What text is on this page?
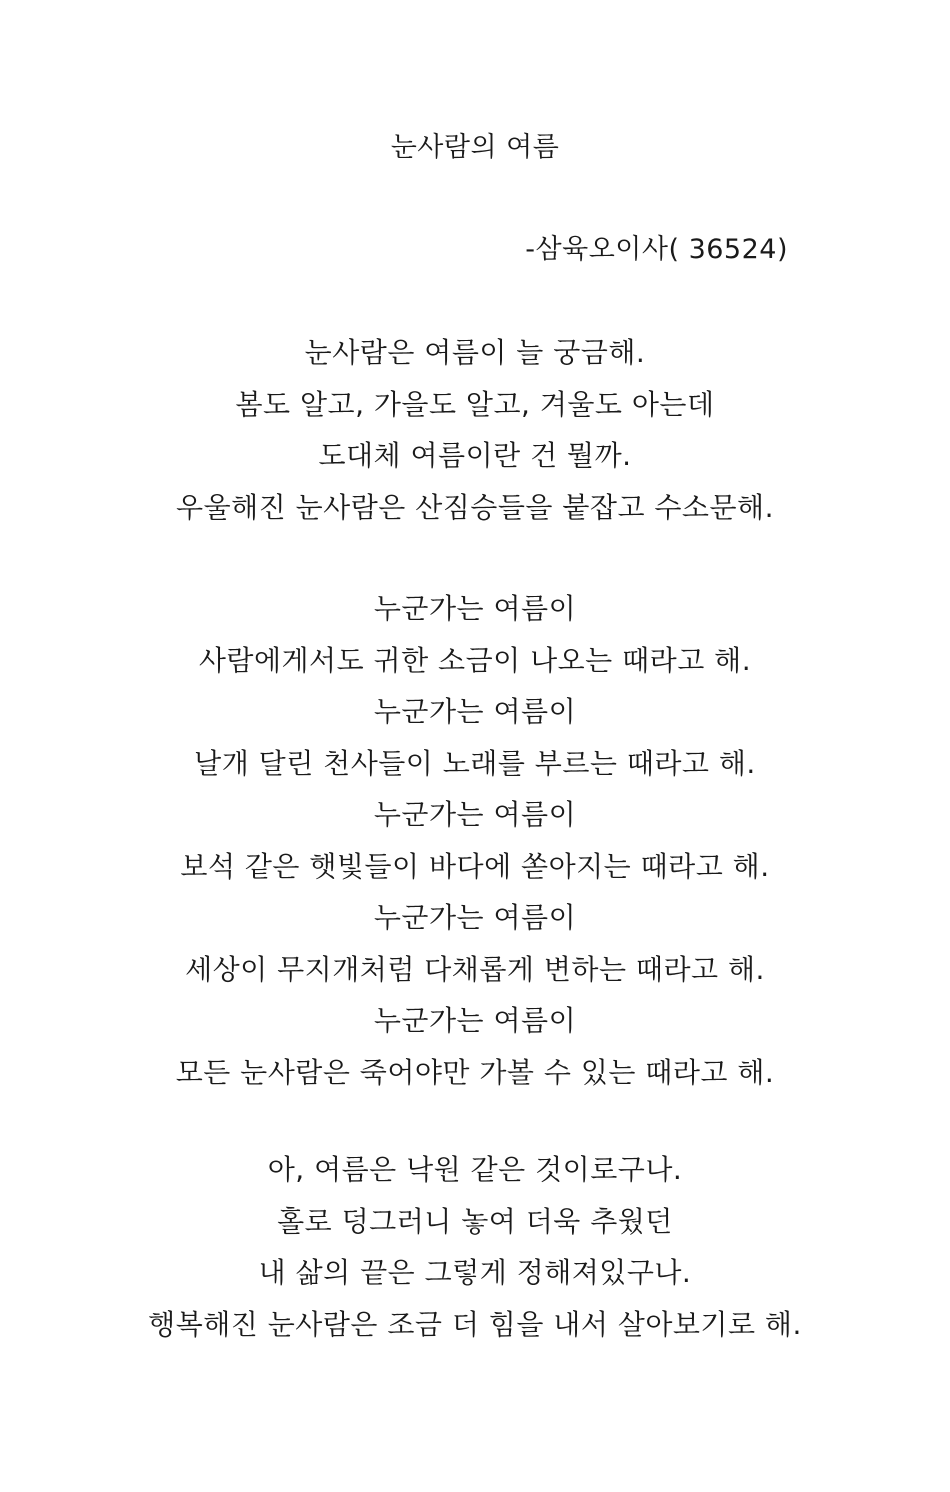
눈사람의 여름
-삼육오이사( 36524)
눈사람은 여름이 늘 궁금해.
봄도 알고, 가을도 알고, 겨울도 아는데
도대체 여름이란 건 뭘까.
우울해진 눈사람은 산짐승들을 붙잡고 수소문해.
누군가는 여름이
사람에게서도 귀한 소금이 나오는 때라고 해.
누군가는 여름이
날개 달린 천사들이 노래를 부르는 때라고 해.
누군가는 여름이
보석 같은 햇빛들이 바다에 쏟아지는 때라고 해.
누군가는 여름이
세상이 무지개처럼 다채롭게 변하는 때라고 해.
누군가는 여름이
모든 눈사람은 죽어야만 가볼 수 있는 때라고 해.
아, 여름은 낙원 같은 것이로구나.
홀로 덩그러니 놓여 더욱 추웠던
내 삶의 끝은 그렇게 정해져있구나.
행복해진 눈사람은 조금 더 힘을 내서 살아보기로 해.
